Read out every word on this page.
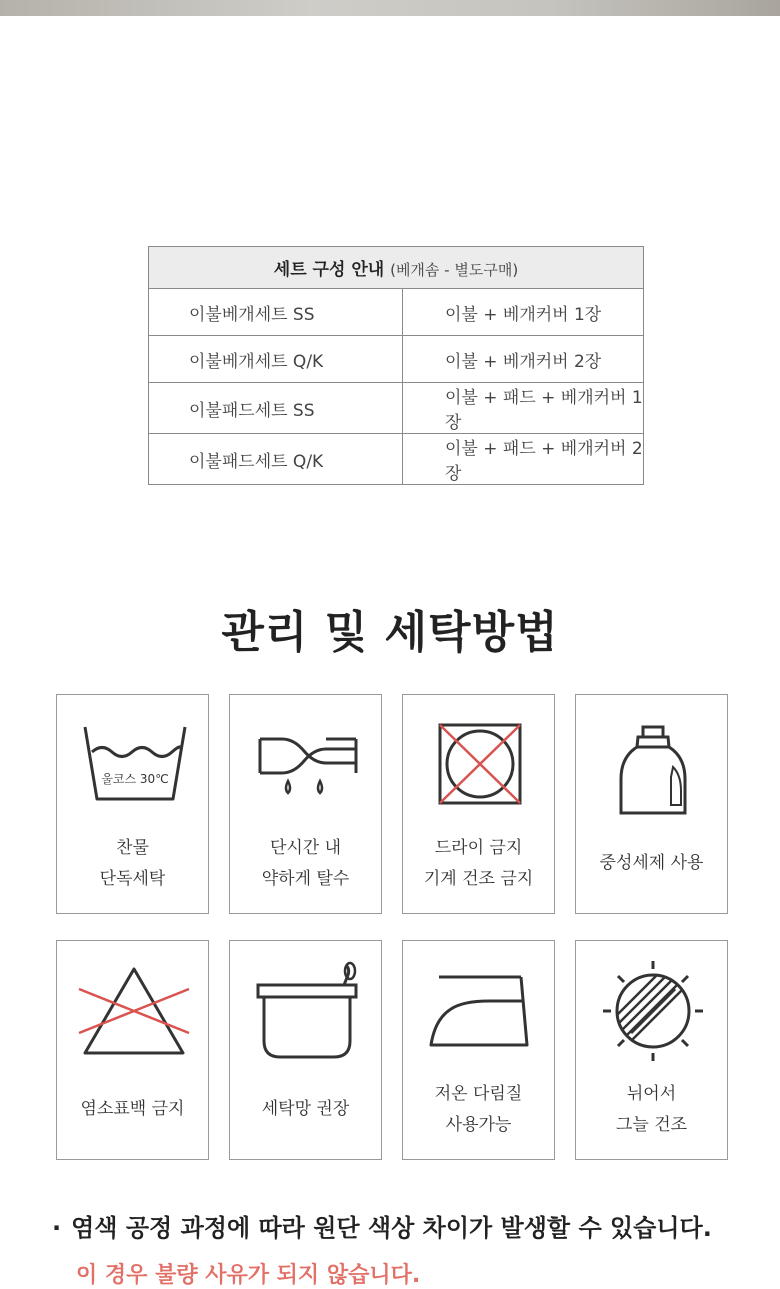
세트 구성 안내 (베개솜 - 별도구매)	
이불베개세트 SS	이불 + 베개커버 1장
이불베개세트 Q/K	이불 + 베개커버 2장
이불패드세트 SS	이불 + 패드 + 베개커버 1장
이불패드세트 Q/K	이불 + 패드 + 베개커버 2장
관리 및 세탁방법
울코스 30℃
찬물
단독세탁
단시간 내
약하게 탈수
드라이 금지
기계 건조 금지
중성세제 사용
염소표백 금지	세탁망 권장
저온 다림질
사용가능
뉘어서
그늘 건조
· 염색 공정 과정에 따라 원단 색상 차이가 발생할 수 있습니다.
이 경우 불량 사유가 되지 않습니다.
